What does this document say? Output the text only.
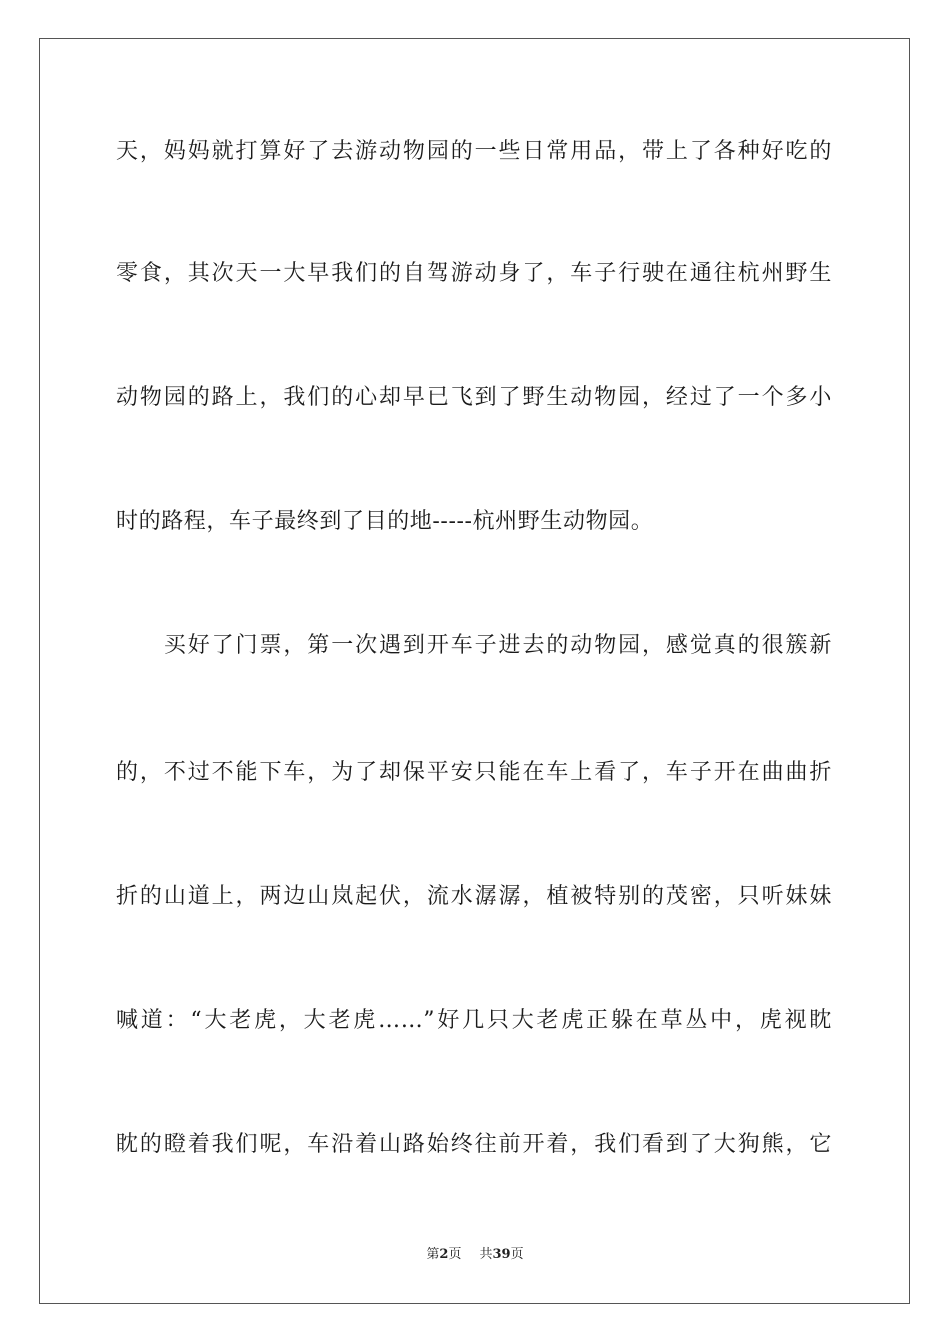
天，妈妈就打算好了去游动物园的一些日常用品，带上了各种好吃的
零食，其次天一大早我们的自驾游动身了，车子行驶在通往杭州野生
动物园的路上，我们的心却早已飞到了野生动物园，经过了一个多小
时的路程，车子最终到了目的地-----杭州野生动物园。
　　买好了门票，第一次遇到开车子进去的动物园，感觉真的很簇新
的，不过不能下车，为了却保平安只能在车上看了，车子开在曲曲折
折的山道上，两边山岚起伏，流水潺潺，植被特别的茂密，只听妹妹
喊道：“大老虎，大老虎……”好几只大老虎正躲在草丛中，虎视眈
眈的瞪着我们呢，车沿着山路始终往前开着，我们看到了大狗熊，它
第2页 共39页
